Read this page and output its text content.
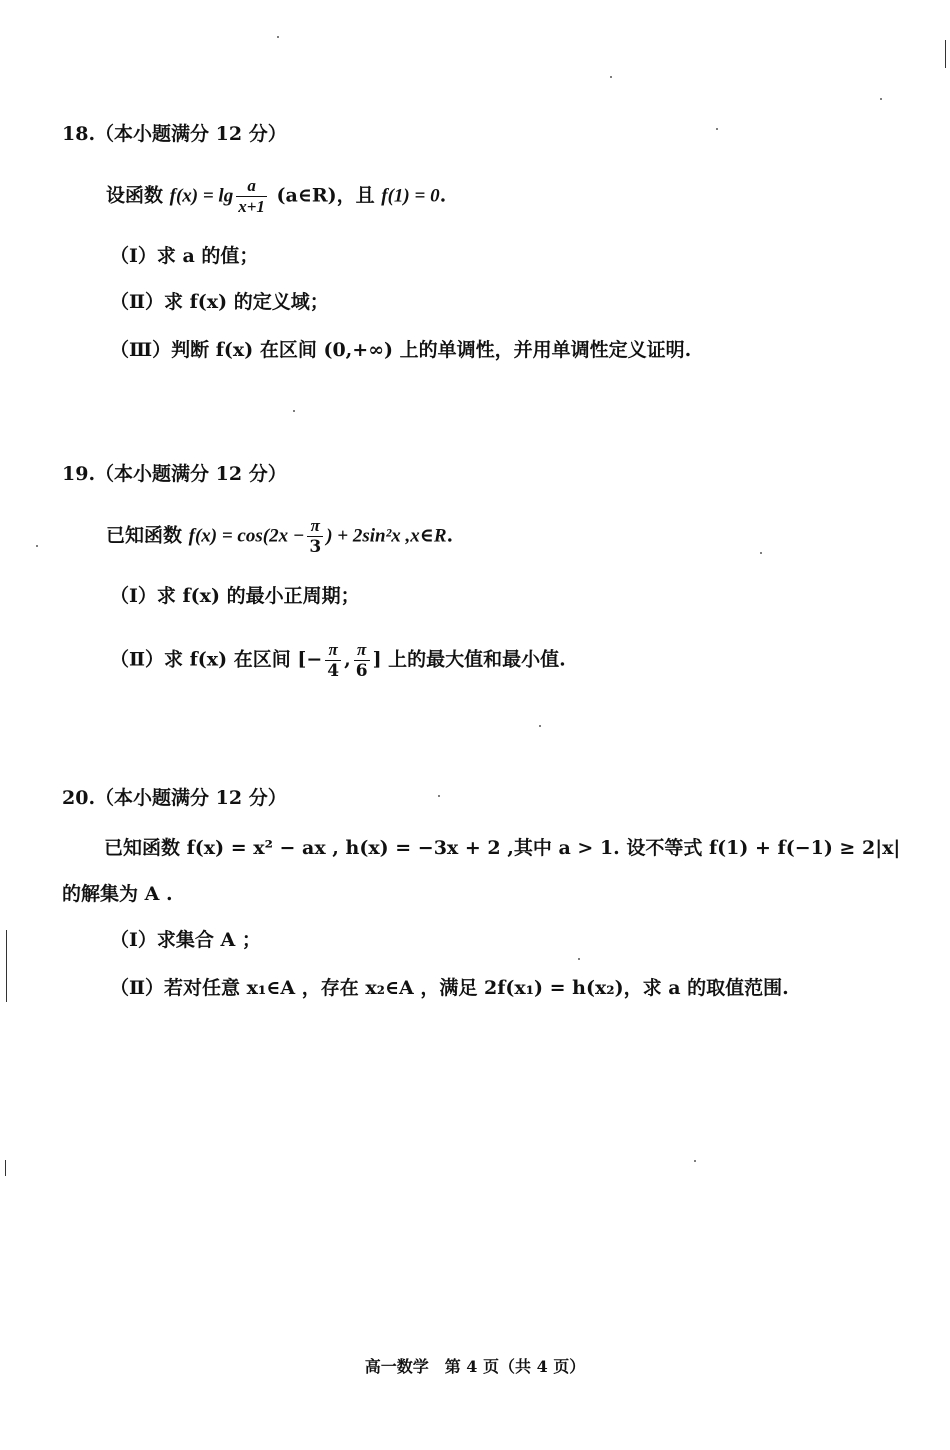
18.（本小题满分 12 分）
设函数 $f(x) = \lg \frac{a}{x+1}$ (a∈R)，且 f(1) = 0.
（Ⅰ）求 a 的值；
（Ⅱ）求 f(x) 的定义域；
（Ⅲ）判断 f(x) 在区间 (0,+∞) 上的单调性，并用单调性定义证明.
19.（本小题满分 12 分）
已知函数 $f(x) = \cos(2x - \frac{\pi}{3}$ ) + 2sin²x ,x∈R.
（Ⅰ）求 f(x) 的最小正周期；
（Ⅱ）求 f(x) 在区间 [− $\frac{\pi}{4}$ , $\frac{\pi}{6}$ ] 上的最大值和最小值.
20.（本小题满分 12 分）
已知函数 f(x) = x² − ax , h(x) = −3x + 2 ,其中 a > 1. 设不等式 f(1) + f(−1) ≥ 2|x|
的解集为 A .
（Ⅰ）求集合 A ；
（Ⅱ）若对任意 x₁∈A ，存在 x₂∈A ，满足 2f(x₁) = h(x₂)，求 a 的取值范围.
高一数学　第 4 页（共 4 页）
